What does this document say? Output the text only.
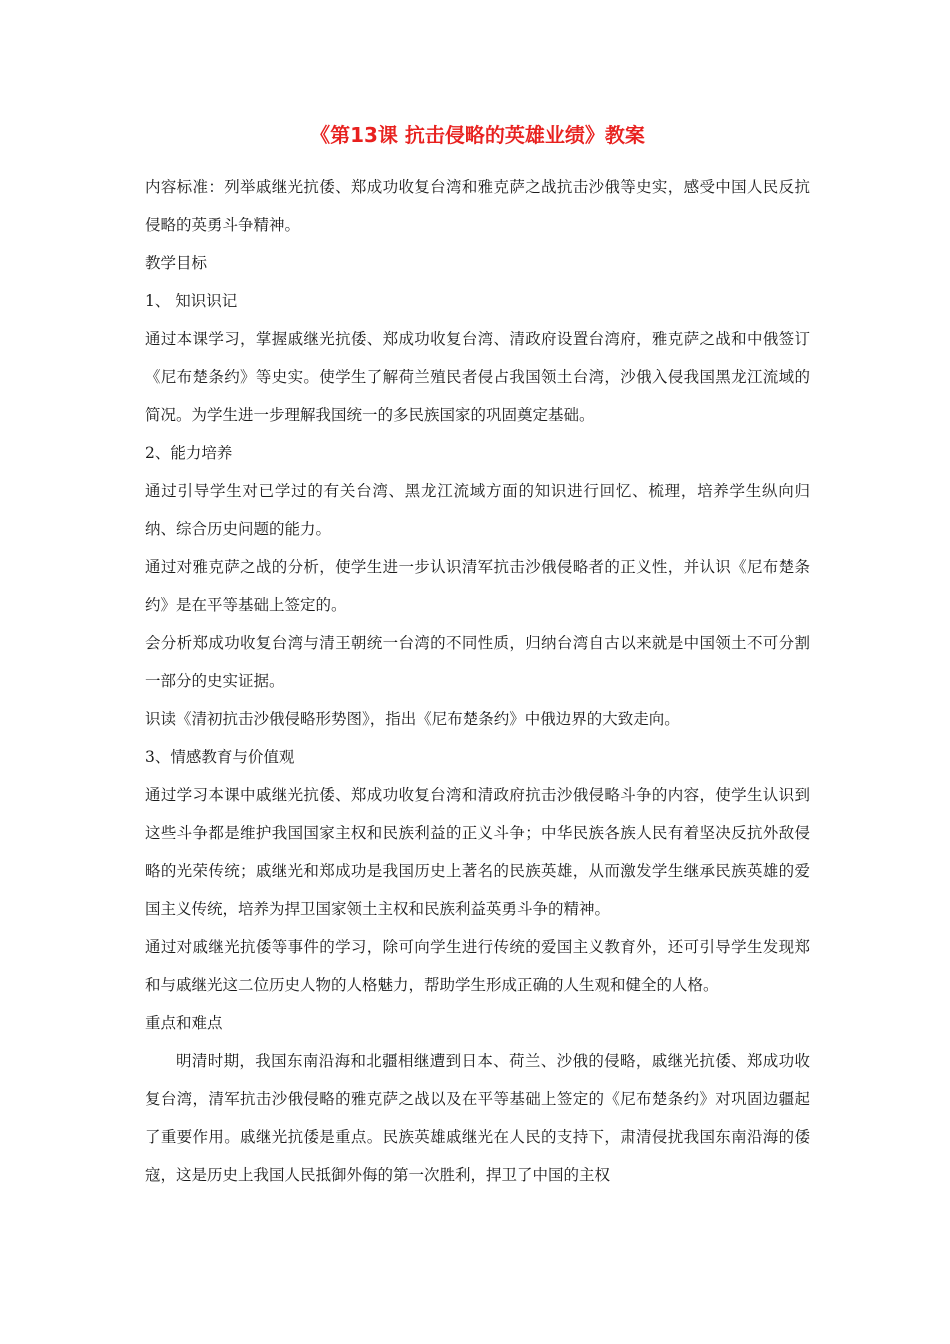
《第13课 抗击侵略的英雄业绩》教案

内容标准：列举戚继光抗倭、郑成功收复台湾和雅克萨之战抗击沙俄等史实，感受中国人民反抗侵略的英勇斗争精神。

教学目标
1、 知识识记

通过本课学习，掌握戚继光抗倭、郑成功收复台湾、清政府设置台湾府，雅克萨之战和中俄签订《尼布楚条约》等史实。使学生了解荷兰殖民者侵占我国领土台湾，沙俄入侵我国黑龙江流域的简况。为学生进一步理解我国统一的多民族国家的巩固奠定基础。

2、能力培养

通过引导学生对已学过的有关台湾、黑龙江流域方面的知识进行回忆、梳理，培养学生纵向归纳、综合历史问题的能力。

通过对雅克萨之战的分析，使学生进一步认识清军抗击沙俄侵略者的正义性，并认识《尼布楚条约》是在平等基础上签定的。

会分析郑成功收复台湾与清王朝统一台湾的不同性质，归纳台湾自古以来就是中国领土不可分割一部分的史实证据。

识读《清初抗击沙俄侵略形势图》，指出《尼布楚条约》中俄边界的大致走向。

3、情感教育与价值观

通过学习本课中戚继光抗倭、郑成功收复台湾和清政府抗击沙俄侵略斗争的内容，使学生认识到这些斗争都是维护我国国家主权和民族利益的正义斗争；中华民族各族人民有着坚决反抗外敌侵略的光荣传统；戚继光和郑成功是我国历史上著名的民族英雄，从而激发学生继承民族英雄的爱国主义传统，培养为捍卫国家领土主权和民族利益英勇斗争的精神。

通过对戚继光抗倭等事件的学习，除可向学生进行传统的爱国主义教育外，还可引导学生发现郑和与戚继光这二位历史人物的人格魅力，帮助学生形成正确的人生观和健全的人格。

重点和难点

明清时期，我国东南沿海和北疆相继遭到日本、荷兰、沙俄的侵略，戚继光抗倭、郑成功收复台湾，清军抗击沙俄侵略的雅克萨之战以及在平等基础上签定的《尼布楚条约》对巩固边疆起了重要作用。戚继光抗倭是重点。民族英雄戚继光在人民的支持下，肃清侵扰我国东南沿海的倭寇，这是历史上我国人民抵御外侮的第一次胜利，捍卫了中国的主权
